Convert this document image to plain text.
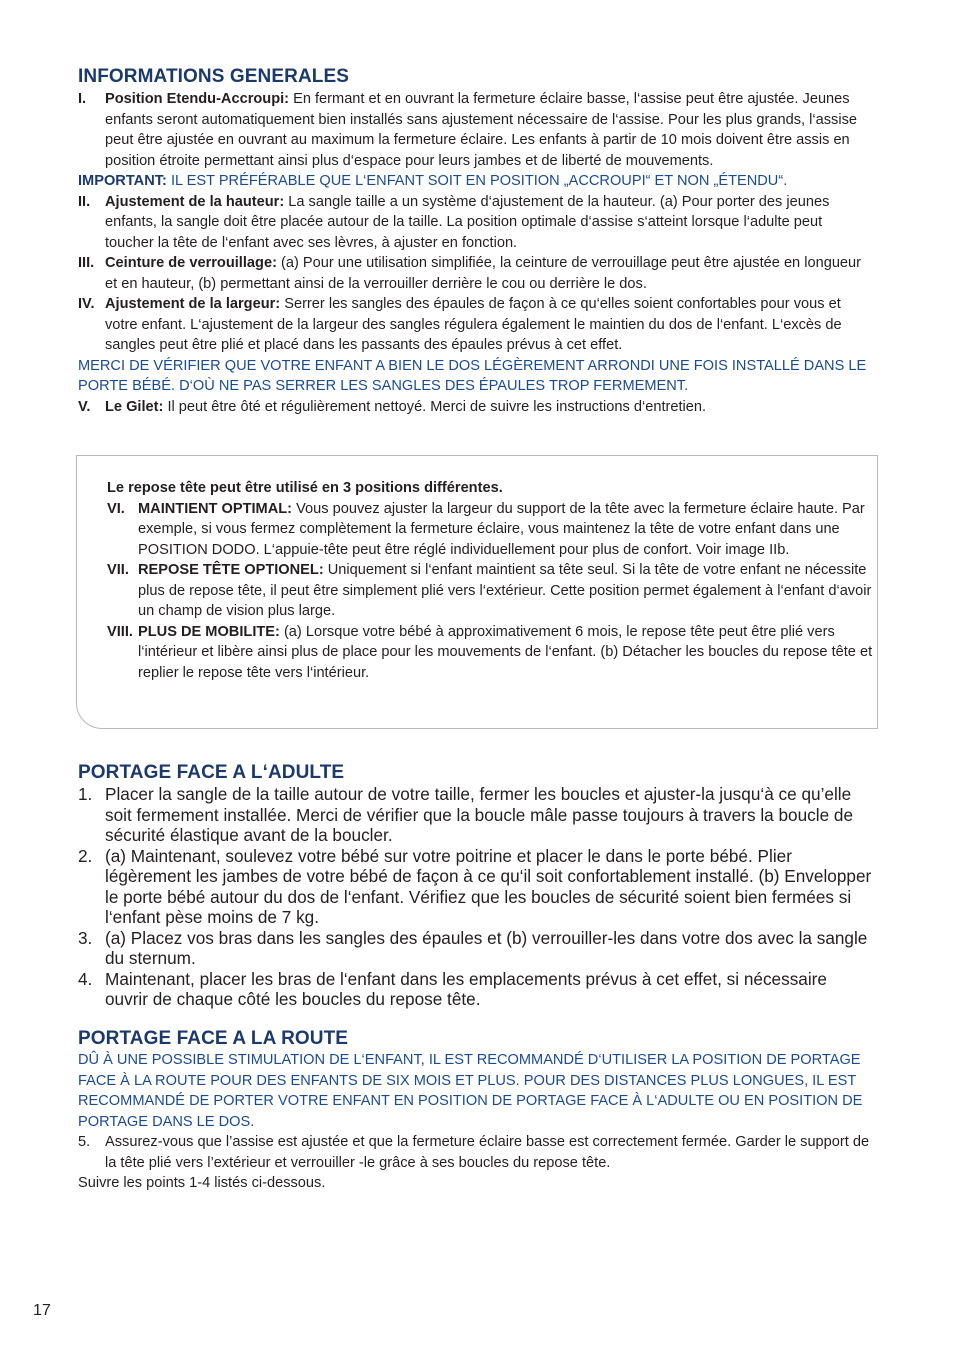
INFORMATIONS GENERALES
I. Position Etendu-Accroupi: En fermant et en ouvrant la fermeture éclaire basse, l‘assise peut être ajustée. Jeunes enfants seront automatiquement bien installés sans ajustement nécessaire de l‘assise. Pour les plus grands, l‘assise peut être ajustée en ouvrant au maximum la fermeture éclaire. Les enfants à partir de 10 mois doivent être assis en position étroite permettant ainsi plus d‘espace pour leurs jambes et de liberté de mouvements.
IMPORTANT: IL EST PRÉFÉRABLE QUE L‘ENFANT SOIT EN POSITION „ACCROUPI“ ET NON „ÉTENDU“.
II. Ajustement de la hauteur: La sangle taille a un système d‘ajustement de la hauteur. (a) Pour porter des jeunes enfants, la sangle doit être placée autour de la taille. La position optimale d‘assise s‘atteint lorsque l‘adulte peut toucher la tête de l‘enfant avec ses lèvres, à ajuster en fonction.
III. Ceinture de verrouillage: (a) Pour une utilisation simplifiée, la ceinture de verrouillage peut être ajustée en longueur et en hauteur, (b) permettant ainsi de la verrouiller derrière le cou ou derrière le dos.
IV. Ajustement de la largeur: Serrer les sangles des épaules de façon à ce qu‘elles soient confortables pour vous et votre enfant. L‘ajustement de la largeur des sangles régulera également le maintien du dos de l‘enfant. L‘excès de sangles peut être plié et placé dans les passants des épaules prévus à cet effet.
MERCI DE VÉRIFIER QUE VOTRE ENFANT A BIEN LE DOS LÉGÈREMENT ARRONDI UNE FOIS INSTALLÉ DANS LE PORTE BÉBÉ. D‘OÙ NE PAS SERRER LES SANGLES DES ÉPAULES TROP FERMEMENT.
V. Le Gilet: Il peut être ôté et régulièrement nettoyé. Merci de suivre les instructions d‘entretien.
Le repose tête peut être utilisé en 3 positions différentes.
VI. MAINTIENT OPTIMAL: Vous pouvez ajuster la largeur du support de la tête avec la fermeture éclaire haute. Par exemple, si vous fermez complètement la fermeture éclaire, vous maintenez la tête de votre enfant dans une POSITION DODO. L‘appuie-tête peut être réglé individuellement pour plus de confort. Voir image IIb.
VII. REPOSE TÊTE OPTIONEL: Uniquement si l‘enfant maintient sa tête seul. Si la tête de votre enfant ne nécessite plus de repose tête, il peut être simplement plié vers l‘extérieur. Cette position permet également à l‘enfant d‘avoir un champ de vision plus large.
VIII. PLUS DE MOBILITE: (a) Lorsque votre bébé à approximativement 6 mois, le repose tête peut être plié vers l‘intérieur et libère ainsi plus de place pour les mouvements de l‘enfant. (b) Détacher les boucles du repose tête et replier le repose tête vers l‘intérieur.
PORTAGE FACE A L‘ADULTE
1. Placer la sangle de la taille autour de votre taille, fermer les boucles et ajuster-la jusqu‘à ce qu’elle soit fermement installée. Merci de vérifier que la boucle mâle passe toujours à travers la boucle de sécurité élastique avant de la boucler.
2. (a) Maintenant, soulevez votre bébé sur votre poitrine et placer le dans le porte bébé. Plier légèrement les jambes de votre bébé de façon à ce qu‘il soit confortablement installé. (b) Envelopper le porte bébé autour du dos de l‘enfant. Vérifiez que les boucles de sécurité soient bien fermées si l‘enfant pèse moins de 7 kg.
3. (a) Placez vos bras dans les sangles des épaules et (b) verrouiller-les dans votre dos avec la sangle du sternum.
4. Maintenant, placer les bras de l‘enfant dans les emplacements prévus à cet effet, si nécessaire ouvrir de chaque côté les boucles du repose tête.
PORTAGE FACE A LA ROUTE
DÛ À UNE POSSIBLE STIMULATION DE L‘ENFANT, IL EST RECOMMANDÉ D‘UTILISER LA POSITION DE PORTAGE FACE À LA ROUTE POUR DES ENFANTS DE SIX MOIS ET PLUS. POUR DES DISTANCES PLUS LONGUES, IL EST RECOMMANDÉ DE PORTER VOTRE ENFANT EN POSITION DE PORTAGE FACE À L‘ADULTE OU EN POSITION DE PORTAGE DANS LE DOS.
5. Assurez-vous que l’assise est ajustée et que la fermeture éclaire basse est correctement fermée. Garder le support de la tête plié vers l’extérieur et verrouiller -le grâce à ses boucles du repose tête.
Suivre les points 1-4 listés ci-dessous.
17
